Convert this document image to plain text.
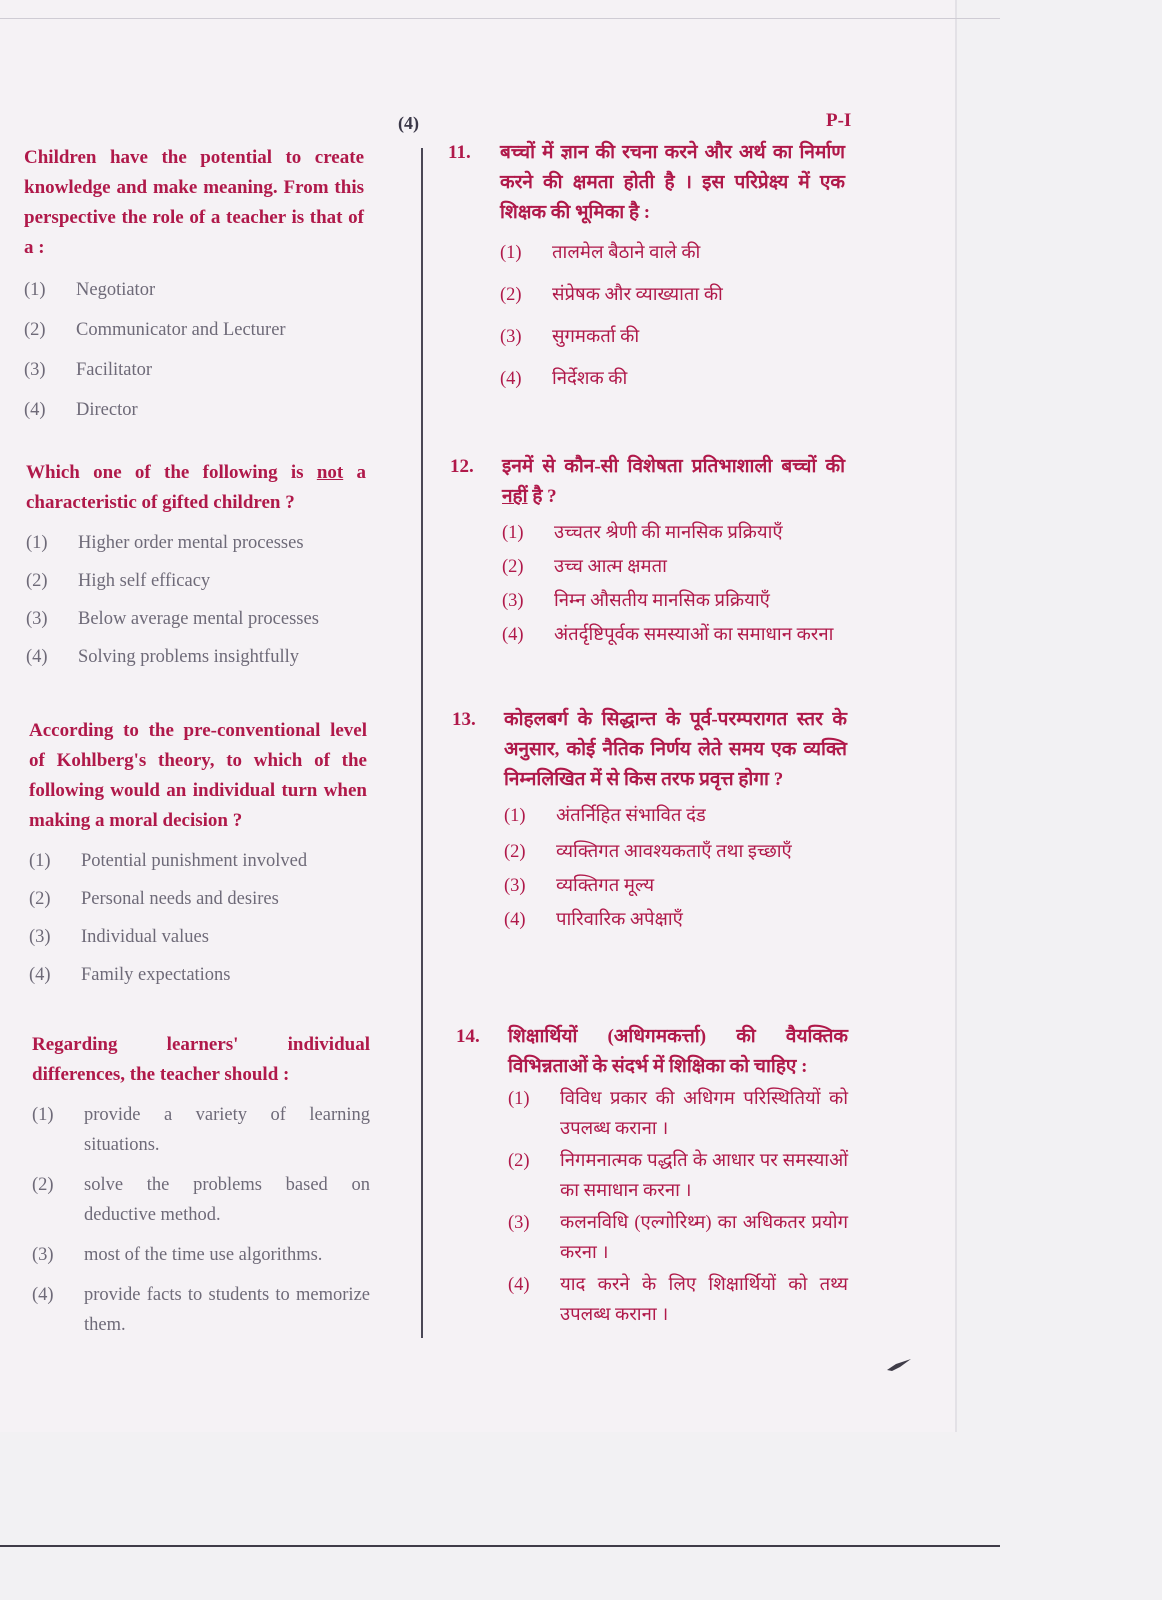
(4)	P-I

Children have the potential to create knowledge and make meaning. From this perspective the role of a teacher is that of a :

(1)	Negotiator
(2)	Communicator and Lecturer
(3)	Facilitator
(4)	Director

Which one of the following is not a characteristic of gifted children ?

(1)	Higher order mental processes
(2)	High self efficacy
(3)	Below average mental processes
(4)	Solving problems insightfully

According to the pre-conventional level of Kohlberg's theory, to which of the following would an individual turn when making a moral decision ?

(1)	Potential punishment involved
(2)	Personal needs and desires
(3)	Individual values
(4)	Family expectations

Regarding learners' individual differences, the teacher should :

(1)	provide a variety of learning situations.
(2)	solve the problems based on deductive method.
(3)	most of the time use algorithms.
(4)	provide facts to students to memorize them.
11. बच्चों में ज्ञान की रचना करने और अर्थ का निर्माण करने की क्षमता होती है । इस परिप्रेक्ष्य में एक शिक्षक की भूमिका है :

(1)	तालमेल बैठाने वाले की
(2)	संप्रेषक और व्याख्याता की
(3)	सुगमकर्ता की
(4)	निर्देशक की
12. इनमें से कौन-सी विशेषता प्रतिभाशाली बच्चों की नहीं है ?

(1)	उच्चतर श्रेणी की मानसिक प्रक्रियाएँ
(2)	उच्च आत्म क्षमता
(3)	निम्न औसतीय मानसिक प्रक्रियाएँ
(4)	अंतर्दृष्टिपूर्वक समस्याओं का समाधान करना
13. कोहलबर्ग के सिद्धान्त के पूर्व-परम्परागत स्तर के अनुसार, कोई नैतिक निर्णय लेते समय एक व्यक्ति निम्नलिखित में से किस तरफ प्रवृत्त होगा ?

(1)	अंतर्निहित संभावित दंड
(2)	व्यक्तिगत आवश्यकताएँ तथा इच्छाएँ
(3)	व्यक्तिगत मूल्य
(4)	पारिवारिक अपेक्षाएँ
14. शिक्षार्थियों (अधिगमकर्त्ता) की वैयक्तिक विभिन्नताओं के संदर्भ में शिक्षिका को चाहिए :

(1)	विविध प्रकार की अधिगम परिस्थितियों को उपलब्ध कराना ।
(2)	निगमनात्मक पद्धति के आधार पर समस्याओं का समाधान करना ।
(3)	कलनविधि (एल्गोरिथ्म) का अधिकतर प्रयोग करना ।
(4)	याद करने के लिए शिक्षार्थियों को तथ्य उपलब्ध कराना ।
